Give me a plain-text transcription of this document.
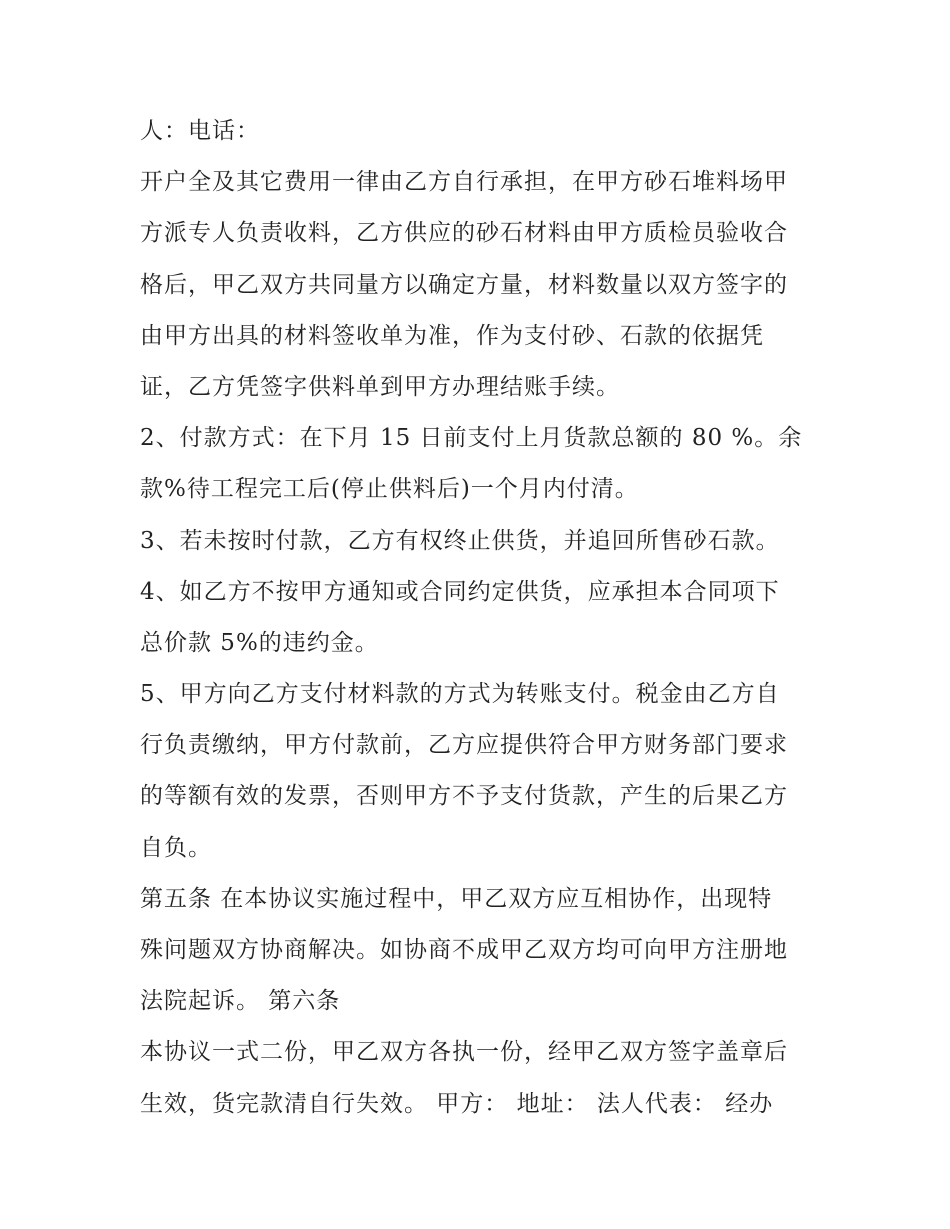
人：电话：
开户全及其它费用一律由乙方自行承担，在甲方砂石堆料场甲
方派专人负责收料，乙方供应的砂石材料由甲方质检员验收合
格后，甲乙双方共同量方以确定方量，材料数量以双方签字的
由甲方出具的材料签收单为准，作为支付砂、石款的依据凭
证，乙方凭签字供料单到甲方办理结账手续。
2、付款方式：在下月 15 日前支付上月货款总额的 80 %。余
款%待工程完工后(停止供料后)一个月内付清。
3、若未按时付款，乙方有权终止供货，并追回所售砂石款。
4、如乙方不按甲方通知或合同约定供货，应承担本合同项下
总价款 5%的违约金。
5、甲方向乙方支付材料款的方式为转账支付。税金由乙方自
行负责缴纳，甲方付款前，乙方应提供符合甲方财务部门要求
的等额有效的发票，否则甲方不予支付货款，产生的后果乙方
自负。
第五条 在本协议实施过程中，甲乙双方应互相协作，出现特
殊问题双方协商解决。如协商不成甲乙双方均可向甲方注册地
法院起诉。 第六条
本协议一式二份，甲乙双方各执一份，经甲乙双方签字盖章后
生效，货完款清自行失效。 甲方： 地址： 法人代表： 经办
